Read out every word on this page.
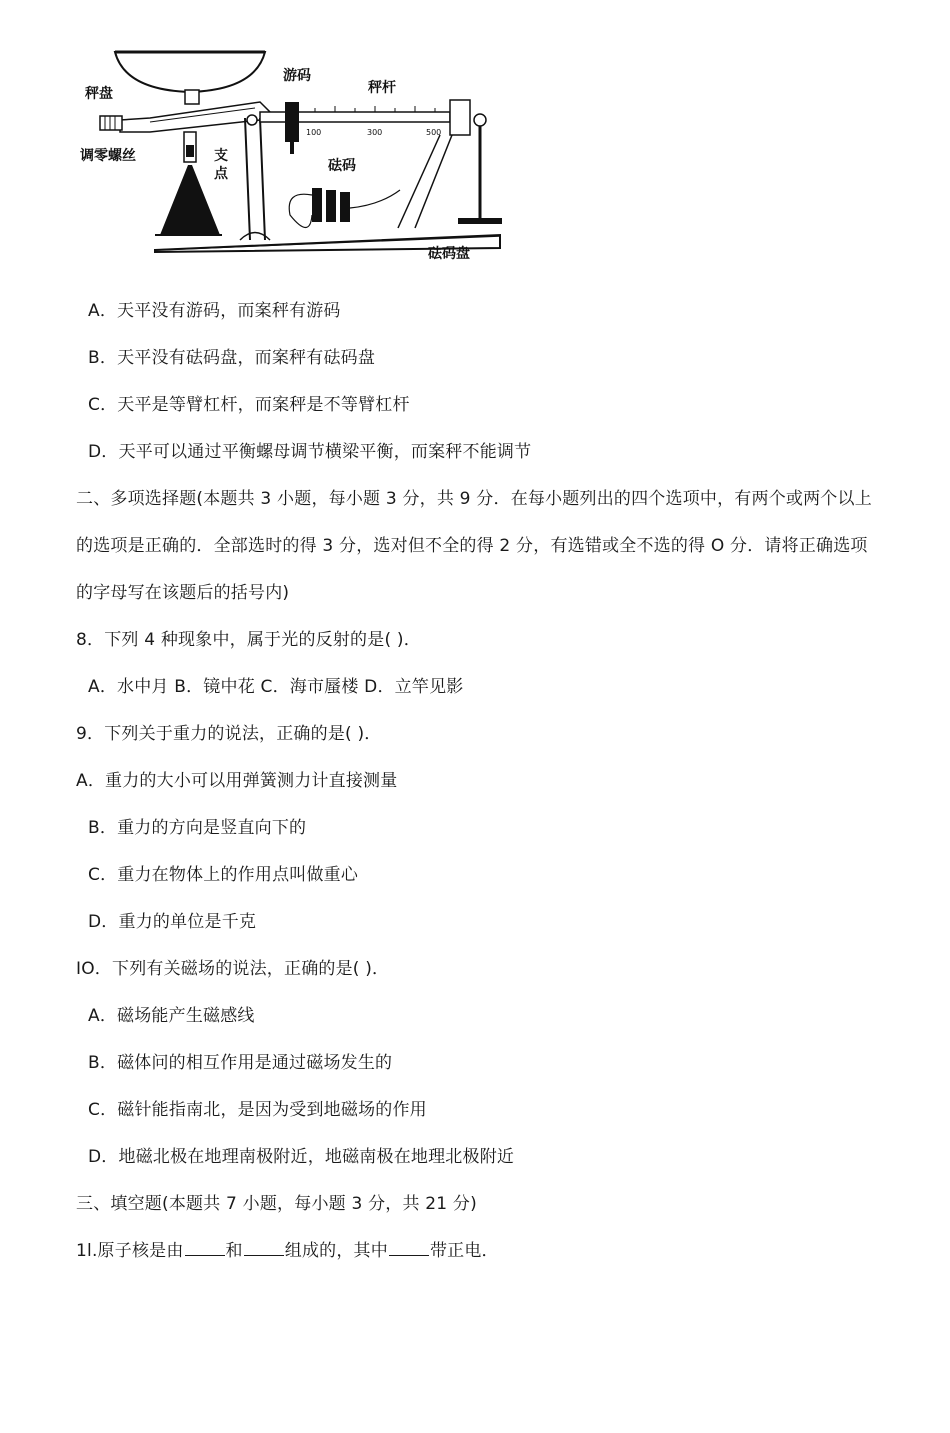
秤盘
调零螺丝	支
点
游码
秤杆
砝码
砝码盘
100	300	500
A．天平没有游码，而案秤有游码
B．天平没有砝码盘，而案秤有砝码盘
C．天平是等臂杠杆，而案秤是不等臂杠杆
D．天平可以通过平衡螺母调节横梁平衡，而案秤不能调节
二、多项选择题(本题共 3 小题，每小题 3 分，共 9 分．在每小题列出的四个选项中，有两个或两个以上
的选项是正确的．全部选时的得 3 分，选对但不全的得 2 分，有选错或全不选的得 O 分．请将正确选项
的字母写在该题后的括号内)
8．下列 4 种现象中，属于光的反射的是( )．
A．水中月 B．镜中花 C．海市蜃楼 D．立竿见影
9．下列关于重力的说法，正确的是( )．
A．重力的大小可以用弹簧测力计直接测量
B．重力的方向是竖直向下的
C．重力在物体上的作用点叫做重心
D．重力的单位是千克
IO．下列有关磁场的说法，正确的是( )．
A．磁场能产生磁感线
B．磁体问的相互作用是通过磁场发生的
C．磁针能指南北，是因为受到地磁场的作用
D．地磁北极在地理南极附近，地磁南极在地理北极附近
三、填空题(本题共 7 小题，每小题 3 分，共 21 分)
1l.原子核是由 和 组成的，其中 带正电．
